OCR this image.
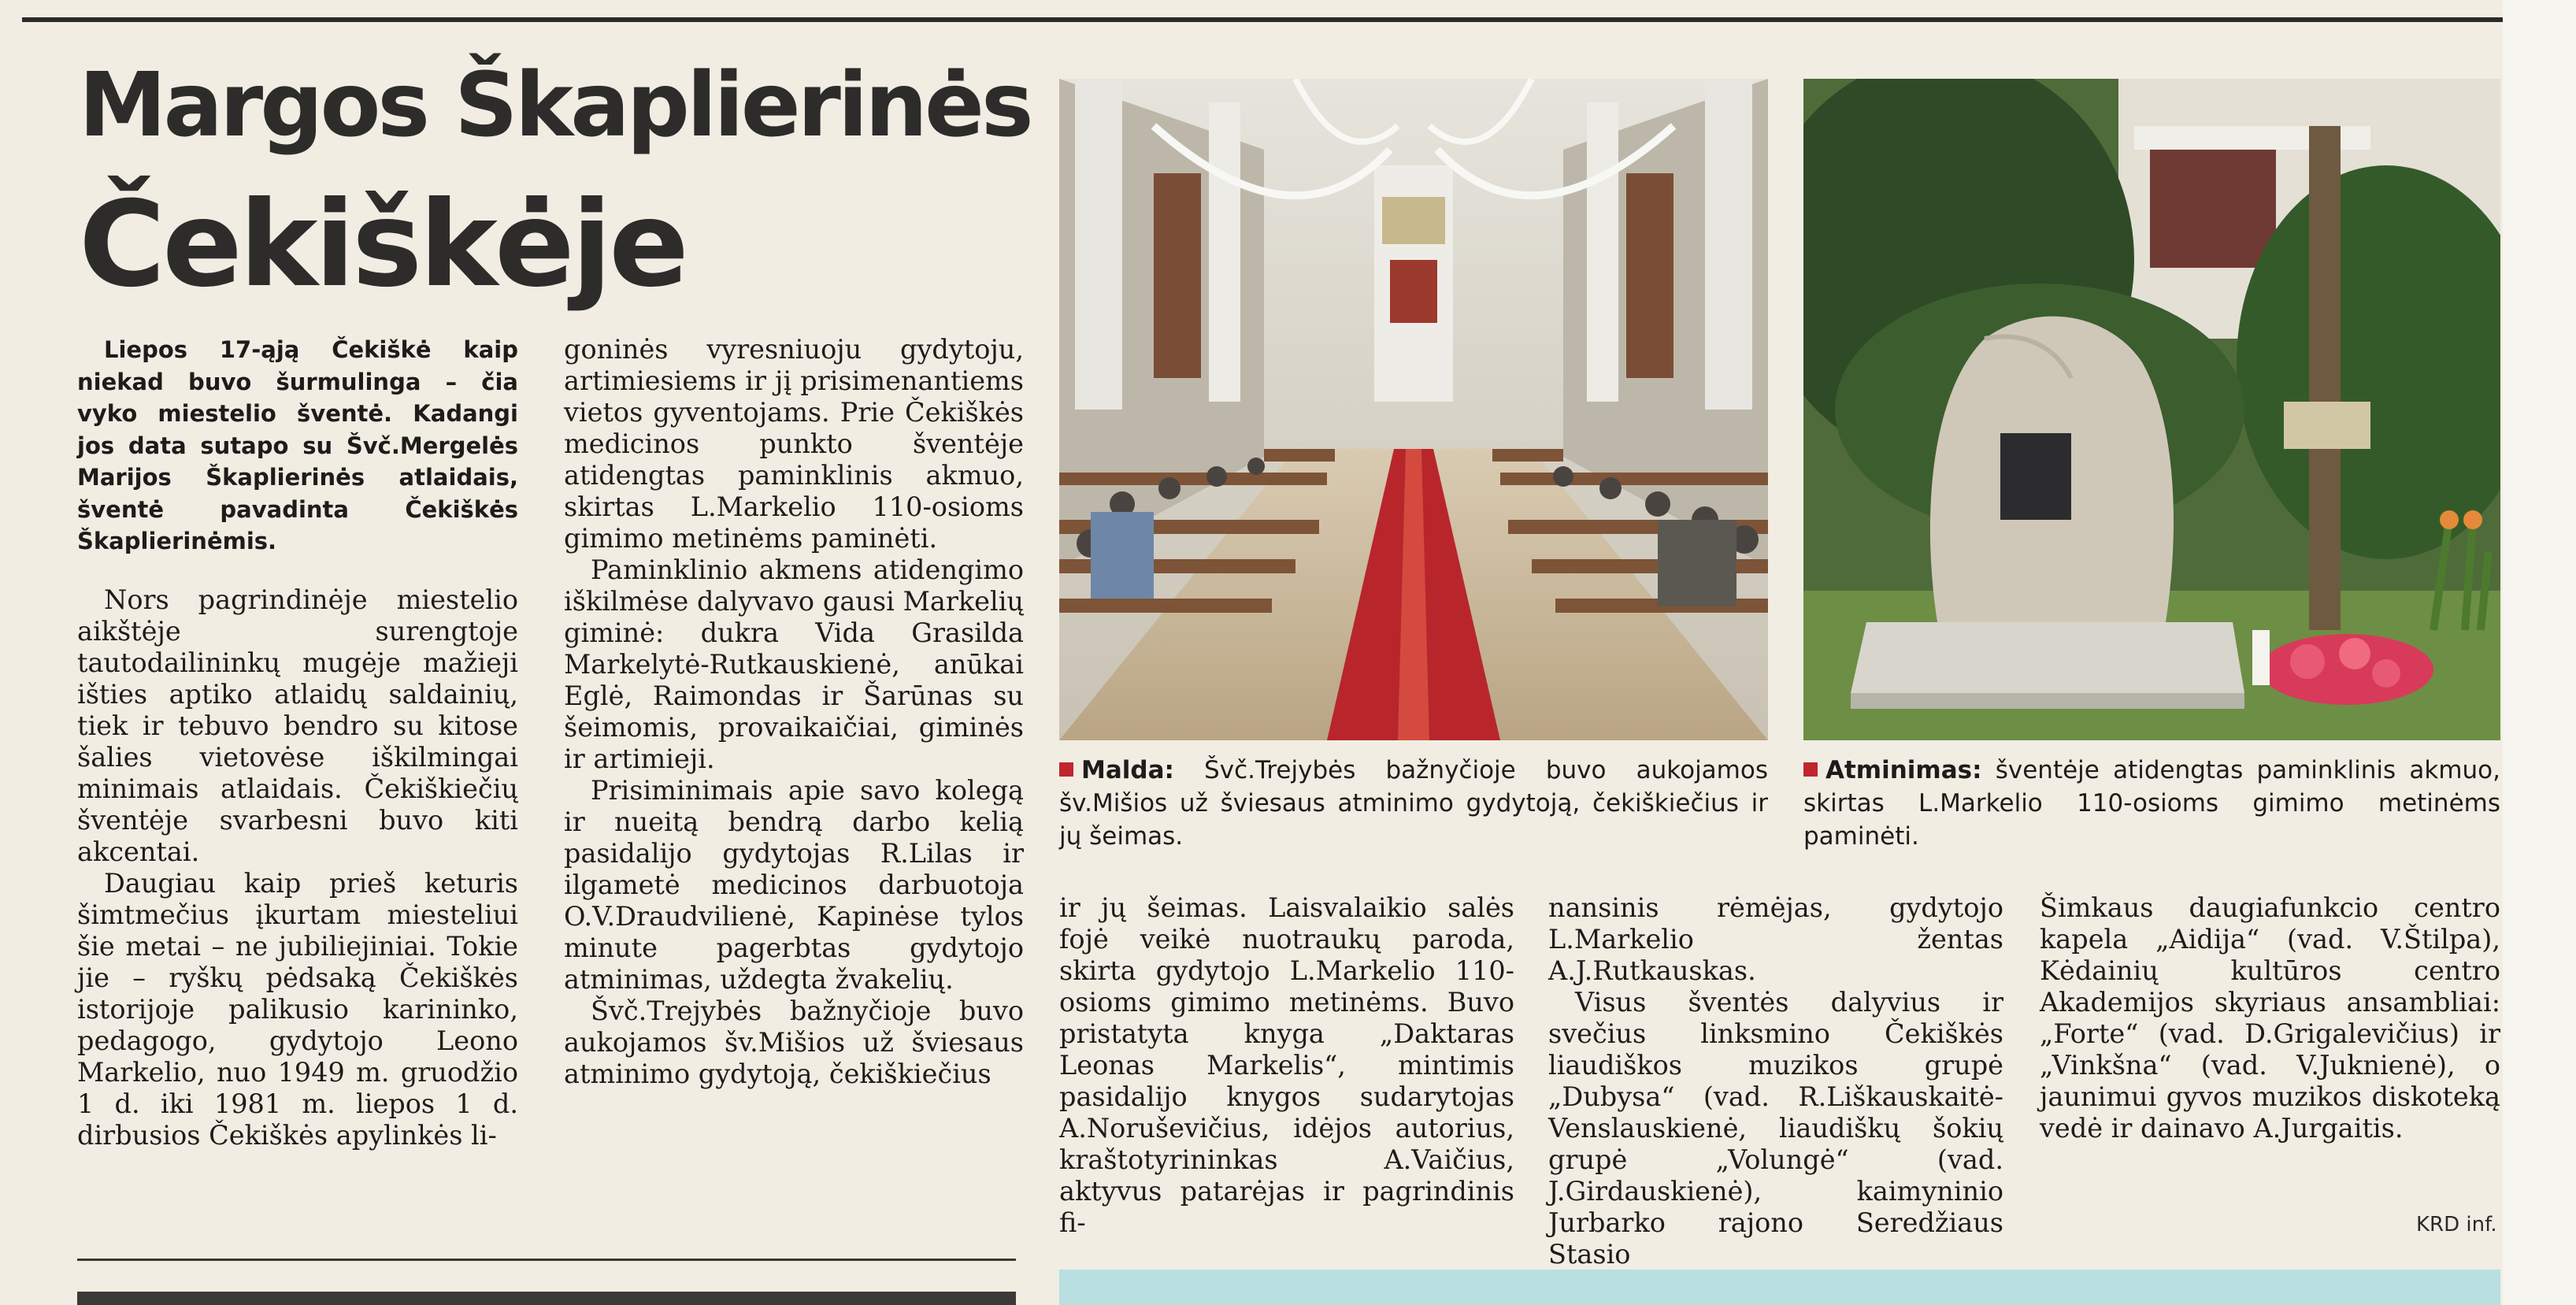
Margos Škaplierinės
Čekiškėje

Liepos 17-ąją Čekiškė kaip niekad buvo šurmulinga – čia vyko miestelio šventė. Kadangi jos data sutapo su Švč.Mergelės Marijos Škaplierinės atlaidais, šventė pavadinta Čekiškės Škaplierinėmis.

Nors pagrindinėje miestelio aikštėje surengtoje tautodailininkų mugėje mažieji išties aptiko atlaidų saldainių, tiek ir tebuvo bendro su kitose šalies vietovėse iškilmingai minimais atlaidais. Čekiškiečių šventėje svarbesni buvo kiti akcentai.

Daugiau kaip prieš keturis šimtmečius įkurtam miesteliui šie metai – ne jubiliejiniai. Tokie jie – ryškų pėdsaką Čekiškės istorijoje palikusio karininko, pedagogo, gydytojo Leono Markelio, nuo 1949 m. gruodžio 1 d. iki 1981 m. liepos 1 d. dirbusios Čekiškės apylinkės li-

goninės vyresniuoju gydytoju, artimiesiems ir jį prisimenantiems vietos gyventojams. Prie Čekiškės medicinos punkto šventėje atidengtas paminklinis akmuo, skirtas L.Markelio 110-osioms gimimo metinėms paminėti.

Paminklinio akmens atidengimo iškilmėse dalyvavo gausi Markelių giminė: dukra Vida Grasilda Markelytė-Rutkauskienė, anūkai Eglė, Raimondas ir Šarūnas su šeimomis, provaikaičiai, giminės ir artimieji.

Prisiminimais apie savo kolegą ir nueitą bendrą darbo kelią pasidalijo gydytojas R.Lilas ir ilgametė medicinos darbuotoja O.V.Draudvilienė, Kapinėse tylos minute pagerbtas gydytojo atminimas, uždegta žvakelių.

Švč.Trejybės bažnyčioje buvo aukojamos šv.Mišios už šviesaus atminimo gydytoją, čekiškiečius

Malda: Švč.Trejybės bažnyčioje buvo aukojamos šv.Mišios už šviesaus atminimo gydytoją, čekiškiečius ir jų šeimas.
Atminimas: šventėje atidengtas paminklinis akmuo, skirtas L.Markelio 110-osioms gimimo metinėms paminėti.

ir jų šeimas. Laisvalaikio salės fojė veikė nuotraukų paroda, skirta gydytojo L.Markelio 110-osioms gimimo metinėms. Buvo pristatyta knyga „Daktaras Leonas Markelis“, mintimis pasidalijo knygos sudarytojas A.Noruševičius, idėjos autorius, kraštotyrininkas A.Vaičius, aktyvus patarėjas ir pagrindinis fi-

nansinis rėmėjas, gydytojo L.Markelio žentas A.J.Rutkauskas.

Visus šventės dalyvius ir svečius linksmino Čekiškės liaudiškos muzikos grupė „Dubysa“ (vad. R.Liškauskaitė-Venslauskienė, liaudiškų šokių grupė „Volungė“ (vad. J.Girdauskienė), kaimyninio Jurbarko rajono Seredžiaus Stasio

Šimkaus daugiafunkcio centro kapela „Aidija“ (vad. V.Štilpa), Kėdainių kultūros centro Akademijos skyriaus ansambliai: „Forte“ (vad. D.Grigalevičius) ir „Vinkšna“ (vad. V.Juknienė), o jaunimui gyvos muzikos diskoteką vedė ir dainavo A.Jurgaitis.

KRD inf.
